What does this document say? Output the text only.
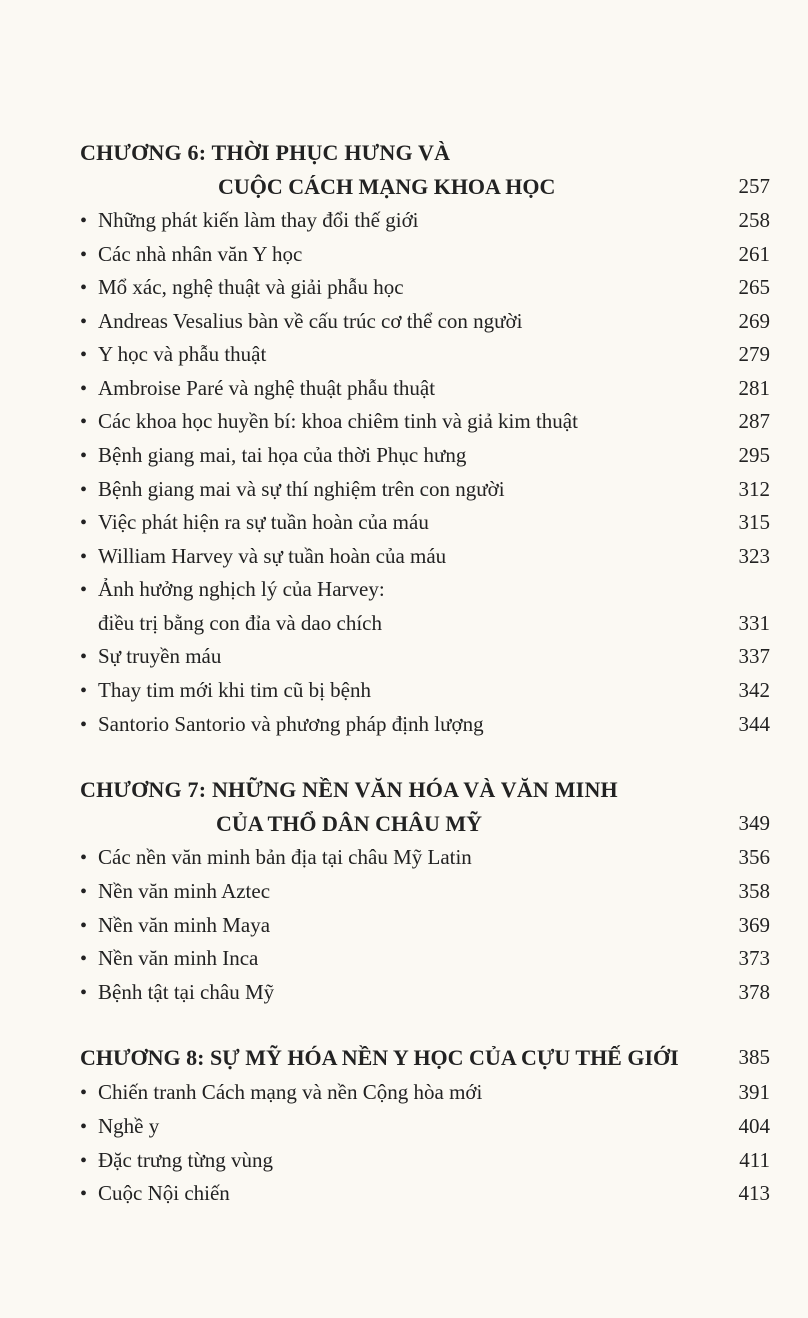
CHƯƠNG 6: THỜI PHỤC HƯNG VÀ
CUỘC CÁCH MẠNG KHOA HỌC	257
• Những phát kiến làm thay đổi thế giới	258
• Các nhà nhân văn Y học	261
• Mổ xác, nghệ thuật và giải phẫu học	265
• Andreas Vesalius bàn về cấu trúc cơ thể con người	269
• Y học và phẫu thuật	279
• Ambroise Paré và nghệ thuật phẫu thuật	281
• Các khoa học huyền bí: khoa chiêm tinh và giả kim thuật	287
• Bệnh giang mai, tai họa của thời Phục hưng	295
• Bệnh giang mai và sự thí nghiệm trên con người	312
• Việc phát hiện ra sự tuần hoàn của máu	315
• William Harvey và sự tuần hoàn của máu	323
• Ảnh hưởng nghịch lý của Harvey:
điều trị bằng con đỉa và dao chích	331
• Sự truyền máu	337
• Thay tim mới khi tim cũ bị bệnh	342
• Santorio Santorio và phương pháp định lượng	344
CHƯƠNG 7: NHỮNG NỀN VĂN HÓA VÀ VĂN MINH
CỦA THỔ DÂN CHÂU MỸ	349
• Các nền văn minh bản địa tại châu Mỹ Latin	356
• Nền văn minh Aztec	358
• Nền văn minh Maya	369
• Nền văn minh Inca	373
• Bệnh tật tại châu Mỹ	378
CHƯƠNG 8: SỰ MỸ HÓA NỀN Y HỌC CỦA CỰU THẾ GIỚI	385
• Chiến tranh Cách mạng và nền Cộng hòa mới	391
• Nghề y	404
• Đặc trưng từng vùng	411
• Cuộc Nội chiến	413
